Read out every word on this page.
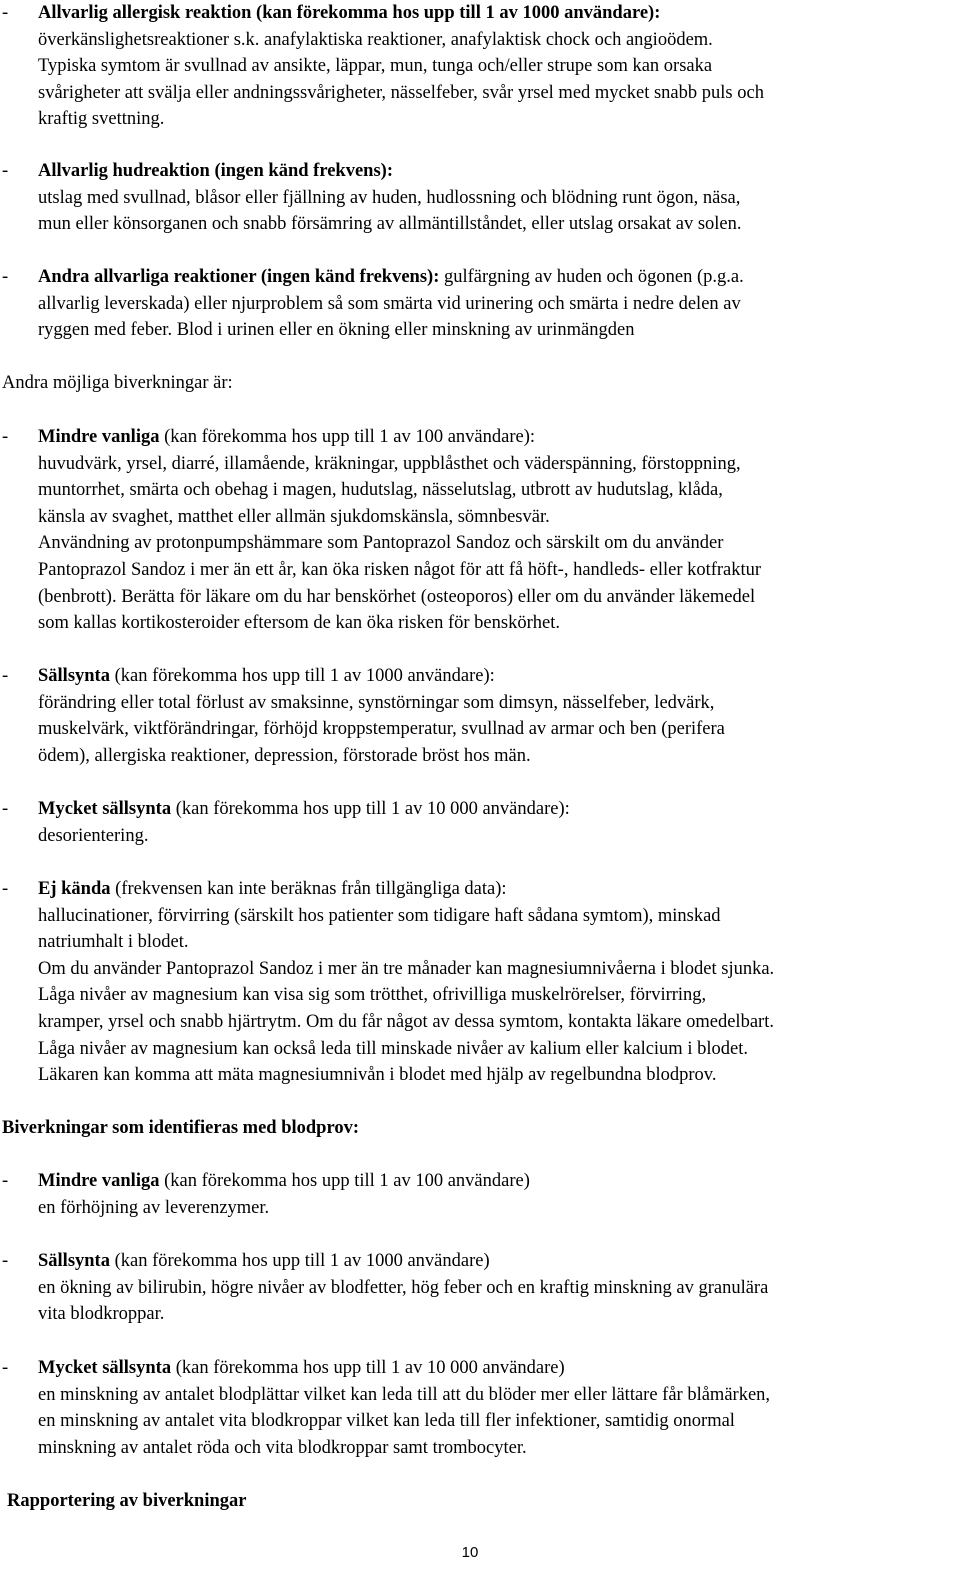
- Allvarlig allergisk reaktion (kan förekomma hos upp till 1 av 1000 användare):
överkänslighetsreaktioner s.k. anafylaktiska reaktioner, anafylaktisk chock och angioödem.
Typiska symtom är svullnad av ansikte, läppar, mun, tunga och/eller strupe som kan orsaka
svårigheter att svälja eller andningssvårigheter, nässelfeber, svår yrsel med mycket snabb puls och
kraftig svettning.
- Allvarlig hudreaktion (ingen känd frekvens):
utslag med svullnad, blåsor eller fjällning av huden, hudlossning och blödning runt ögon, näsa,
mun eller könsorganen och snabb försämring av allmäntillståndet, eller utslag orsakat av solen.
- Andra allvarliga reaktioner (ingen känd frekvens): gulfärgning av huden och ögonen (p.g.a.
allvarlig leverskada) eller njurproblem så som smärta vid urinering och smärta i nedre delen av
ryggen med feber. Blod i urinen eller en ökning eller minskning av urinmängden
Andra möjliga biverkningar är:
- Mindre vanliga (kan förekomma hos upp till 1 av 100 användare):
huvudvärk, yrsel, diarré, illamående, kräkningar, uppblåsthet och väderspänning, förstoppning,
muntorrhet, smärta och obehag i magen, hudutslag, nässelutslag, utbrott av hudutslag, klåda,
känsla av svaghet, matthet eller allmän sjukdomskänsla, sömnbesvär.
Användning av protonpumpshämmare som Pantoprazol Sandoz och särskilt om du använder
Pantoprazol Sandoz i mer än ett år, kan öka risken något för att få höft-, handleds- eller kotfraktur
(benbrott). Berätta för läkare om du har benskörhet (osteoporos) eller om du använder läkemedel
som kallas kortikosteroider eftersom de kan öka risken för benskörhet.
- Sällsynta (kan förekomma hos upp till 1 av 1000 användare):
förändring eller total förlust av smaksinne, synstörningar som dimsyn, nässelfeber, ledvärk,
muskelvärk, viktförändringar, förhöjd kroppstemperatur, svullnad av armar och ben (perifera
ödem), allergiska reaktioner, depression, förstorade bröst hos män.
- Mycket sällsynta (kan förekomma hos upp till 1 av 10 000 användare):
desorientering.
- Ej kända (frekvensen kan inte beräknas från tillgängliga data):
hallucinationer, förvirring (särskilt hos patienter som tidigare haft sådana symtom), minskad
natriumhalt i blodet.
Om du använder Pantoprazol Sandoz i mer än tre månader kan magnesiumnivåerna i blodet sjunka.
Låga nivåer av magnesium kan visa sig som trötthet, ofrivilliga muskelrörelser, förvirring,
kramper, yrsel och snabb hjärtrytm. Om du får något av dessa symtom, kontakta läkare omedelbart.
Låga nivåer av magnesium kan också leda till minskade nivåer av kalium eller kalcium i blodet.
Läkaren kan komma att mäta magnesiumnivån i blodet med hjälp av regelbundna blodprov.
Biverkningar som identifieras med blodprov:
- Mindre vanliga (kan förekomma hos upp till 1 av 100 användare)
en förhöjning av leverenzymer.
- Sällsynta (kan förekomma hos upp till 1 av 1000 användare)
en ökning av bilirubin, högre nivåer av blodfetter, hög feber och en kraftig minskning av granulära
vita blodkroppar.
- Mycket sällsynta (kan förekomma hos upp till 1 av 10 000 användare)
en minskning av antalet blodplättar vilket kan leda till att du blöder mer eller lättare får blåmärken,
en minskning av antalet vita blodkroppar vilket kan leda till fler infektioner, samtidig onormal
minskning av antalet röda och vita blodkroppar samt trombocyter.
Rapportering av biverkningar
10
